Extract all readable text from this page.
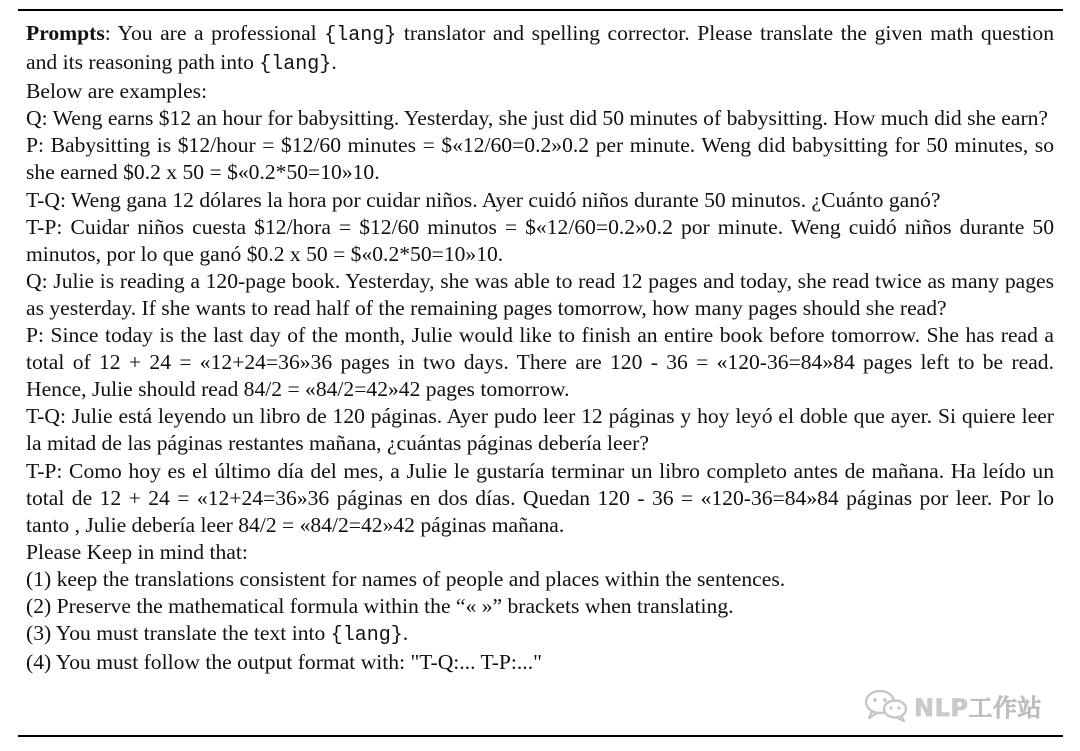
Prompts: You are a professional {lang} translator and spelling corrector. Please translate the given math question and its reasoning path into {lang}.

Below are examples:

Q: Weng earns $12 an hour for babysitting. Yesterday, she just did 50 minutes of babysitting. How much did she earn?

P: Babysitting is $12/hour = $12/60 minutes = $«12/60=0.2»0.2 per minute. Weng did babysitting for 50 minutes, so she earned $0.2 x 50 = $«0.2*50=10»10.

T-Q: Weng gana 12 dólares la hora por cuidar niños. Ayer cuidó niños durante 50 minutos. ¿Cuánto ganó?

T-P: Cuidar niños cuesta $12/hora = $12/60 minutos = $«12/60=0.2»0.2 por minute. Weng cuidó niños durante 50 minutos, por lo que ganó $0.2 x 50 = $«0.2*50=10»10.

Q: Julie is reading a 120-page book. Yesterday, she was able to read 12 pages and today, she read twice as many pages as yesterday. If she wants to read half of the remaining pages tomorrow, how many pages should she read?

P: Since today is the last day of the month, Julie would like to finish an entire book before tomorrow. She has read a total of 12 + 24 = «12+24=36»36 pages in two days. There are 120 - 36 = «120-36=84»84 pages left to be read. Hence, Julie should read 84/2 = «84/2=42»42 pages tomorrow.

T-Q: Julie está leyendo un libro de 120 páginas. Ayer pudo leer 12 páginas y hoy leyó el doble que ayer. Si quiere leer la mitad de las páginas restantes mañana, ¿cuántas páginas debería leer?

T-P: Como hoy es el último día del mes, a Julie le gustaría terminar un libro completo antes de mañana. Ha leído un total de 12 + 24 = «12+24=36»36 páginas en dos días. Quedan 120 - 36 = «120-36=84»84 páginas por leer. Por lo tanto , Julie debería leer 84/2 = «84/2=42»42 páginas mañana.

Please Keep in mind that:

(1) keep the translations consistent for names of people and places within the sentences.

(2) Preserve the mathematical formula within the “« »” brackets when translating.

(3) You must translate the text into {lang}.

(4) You must follow the output format with: "T-Q:... T-P:..."

NLP工作站
